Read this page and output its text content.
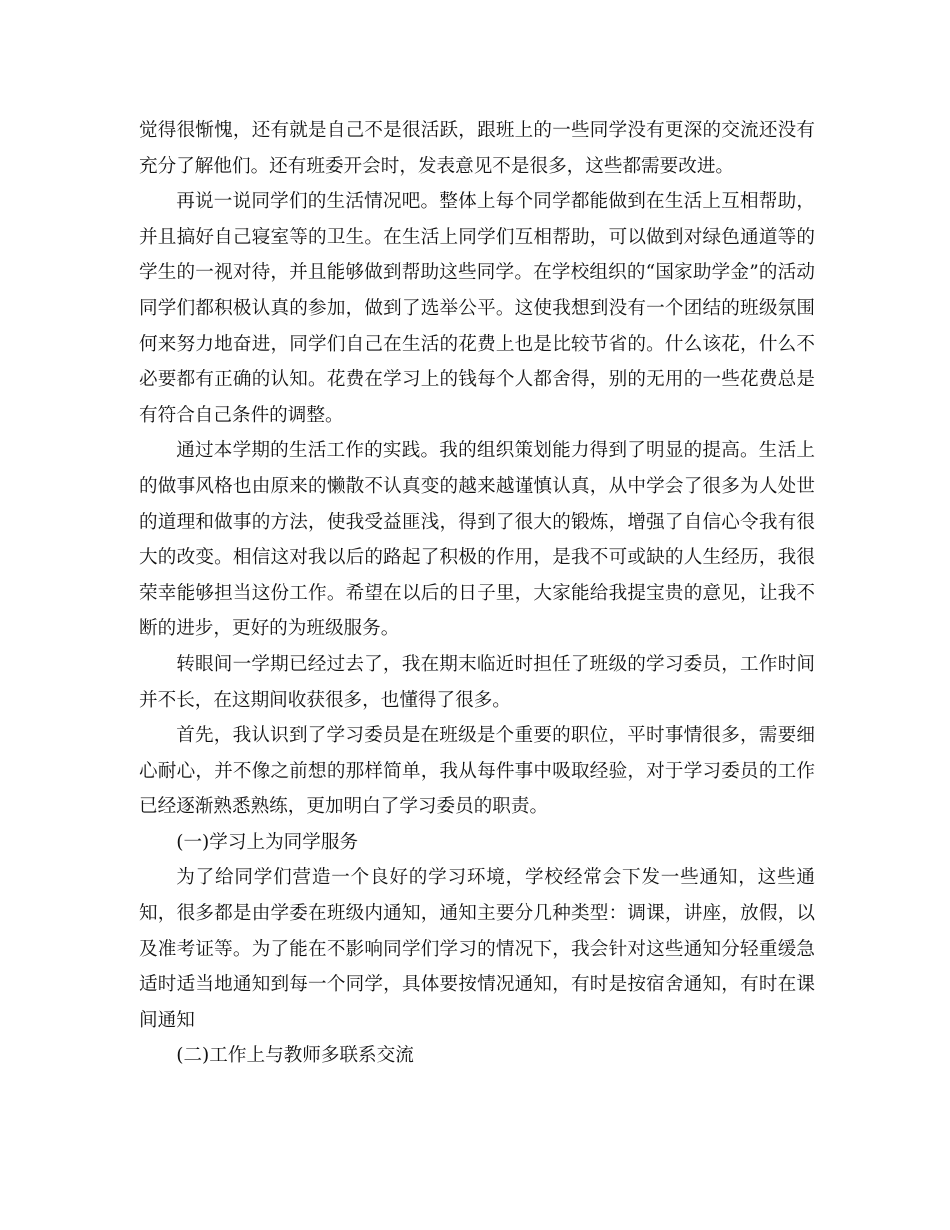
觉得很惭愧，还有就是自己不是很活跃，跟班上的一些同学没有更深的交流还没有充分了解他们。还有班委开会时，发表意见不是很多，这些都需要改进。

再说一说同学们的生活情况吧。整体上每个同学都能做到在生活上互相帮助，并且搞好自己寝室等的卫生。在生活上同学们互相帮助，可以做到对绿色通道等的学生的一视对待，并且能够做到帮助这些同学。在学校组织的“国家助学金”的活动同学们都积极认真的参加，做到了选举公平。这使我想到没有一个团结的班级氛围何来努力地奋进，同学们自己在生活的花费上也是比较节省的。什么该花，什么不必要都有正确的认知。花费在学习上的钱每个人都舍得，别的无用的一些花费总是有符合自己条件的调整。

通过本学期的生活工作的实践。我的组织策划能力得到了明显的提高。生活上的做事风格也由原来的懒散不认真变的越来越谨慎认真，从中学会了很多为人处世的道理和做事的方法，使我受益匪浅，得到了很大的锻炼，增强了自信心令我有很大的改变。相信这对我以后的路起了积极的作用，是我不可或缺的人生经历，我很荣幸能够担当这份工作。希望在以后的日子里，大家能给我提宝贵的意见，让我不断的进步，更好的为班级服务。

转眼间一学期已经过去了，我在期末临近时担任了班级的学习委员，工作时间并不长，在这期间收获很多，也懂得了很多。

首先，我认识到了学习委员是在班级是个重要的职位，平时事情很多，需要细心耐心，并不像之前想的那样简单，我从每件事中吸取经验，对于学习委员的工作已经逐渐熟悉熟练，更加明白了学习委员的职责。

(一)学习上为同学服务

为了给同学们营造一个良好的学习环境，学校经常会下发一些通知，这些通知，很多都是由学委在班级内通知，通知主要分几种类型：调课，讲座，放假，以及准考证等。为了能在不影响同学们学习的情况下，我会针对这些通知分轻重缓急适时适当地通知到每一个同学，具体要按情况通知，有时是按宿舍通知，有时在课间通知

(二)工作上与教师多联系交流
